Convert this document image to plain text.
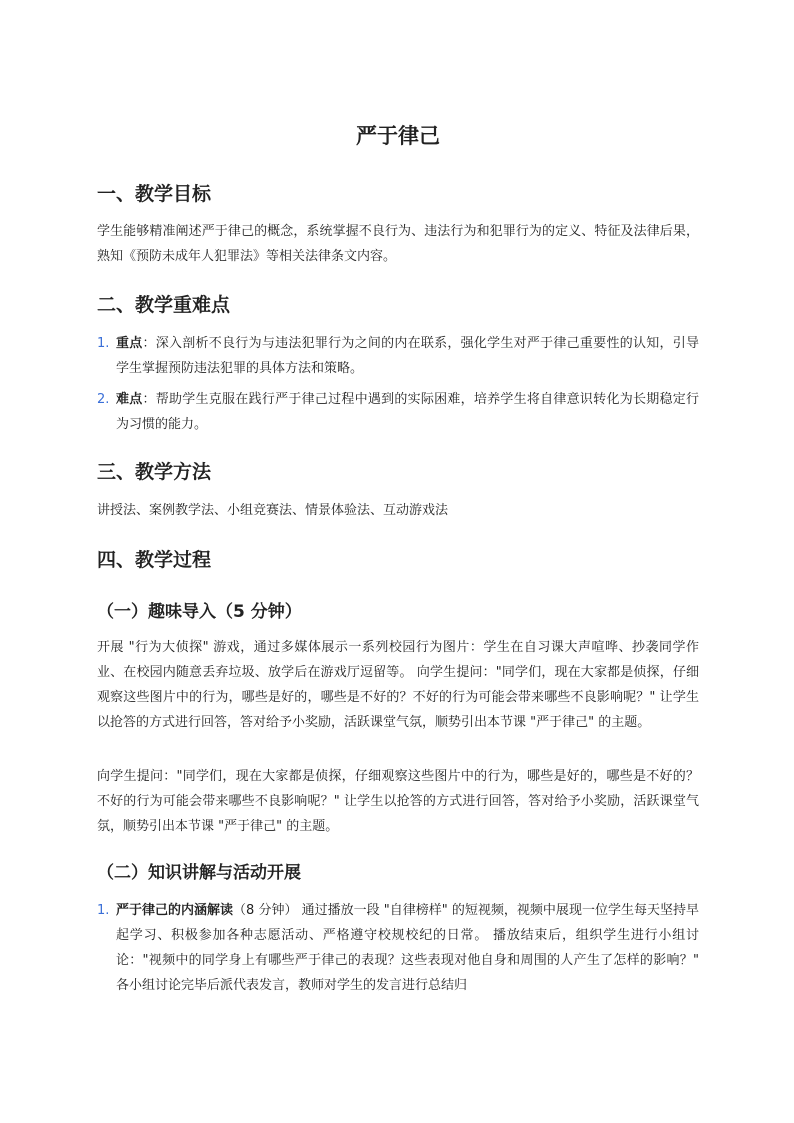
严于律己
一、教学目标

学生能够精准阐述严于律己的概念，系统掌握不良行为、违法行为和犯罪行为的定义、特征及法律后果，熟知《预防未成年人犯罪法》等相关法律条文内容。

二、教学重难点
1. 重点：深入剖析不良行为与违法犯罪行为之间的内在联系，强化学生对严于律己重要性的认知，引导学生掌握预防违法犯罪的具体方法和策略。
2. 难点：帮助学生克服在践行严于律己过程中遇到的实际困难，培养学生将自律意识转化为长期稳定行为习惯的能力。
三、教学方法

讲授法、案例教学法、小组竞赛法、情景体验法、互动游戏法

四、教学过程
（一）趣味导入（5 分钟）

开展 "行为大侦探" 游戏，通过多媒体展示一系列校园行为图片：学生在自习课大声喧哗、抄袭同学作业、在校园内随意丢弃垃圾、放学后在游戏厅逗留等。 向学生提问："同学们，现在大家都是侦探，仔细观察这些图片中的行为，哪些是好的，哪些是不好的？不好的行为可能会带来哪些不良影响呢？" 让学生以抢答的方式进行回答，答对给予小奖励，活跃课堂气氛，顺势引出本节课 "严于律己" 的主题。

向学生提问："同学们，现在大家都是侦探，仔细观察这些图片中的行为，哪些是好的，哪些是不好的？不好的行为可能会带来哪些不良影响呢？" 让学生以抢答的方式进行回答，答对给予小奖励，活跃课堂气氛，顺势引出本节课 "严于律己" 的主题。

（二）知识讲解与活动开展
1. 严于律己的内涵解读（8 分钟） 通过播放一段 "自律榜样" 的短视频，视频中展现一位学生每天坚持早起学习、积极参加各种志愿活动、严格遵守校规校纪的日常。 播放结束后，组织学生进行小组讨论："视频中的同学身上有哪些严于律己的表现？这些表现对他自身和周围的人产生了怎样的影响？" 各小组讨论完毕后派代表发言，教师对学生的发言进行总结归
